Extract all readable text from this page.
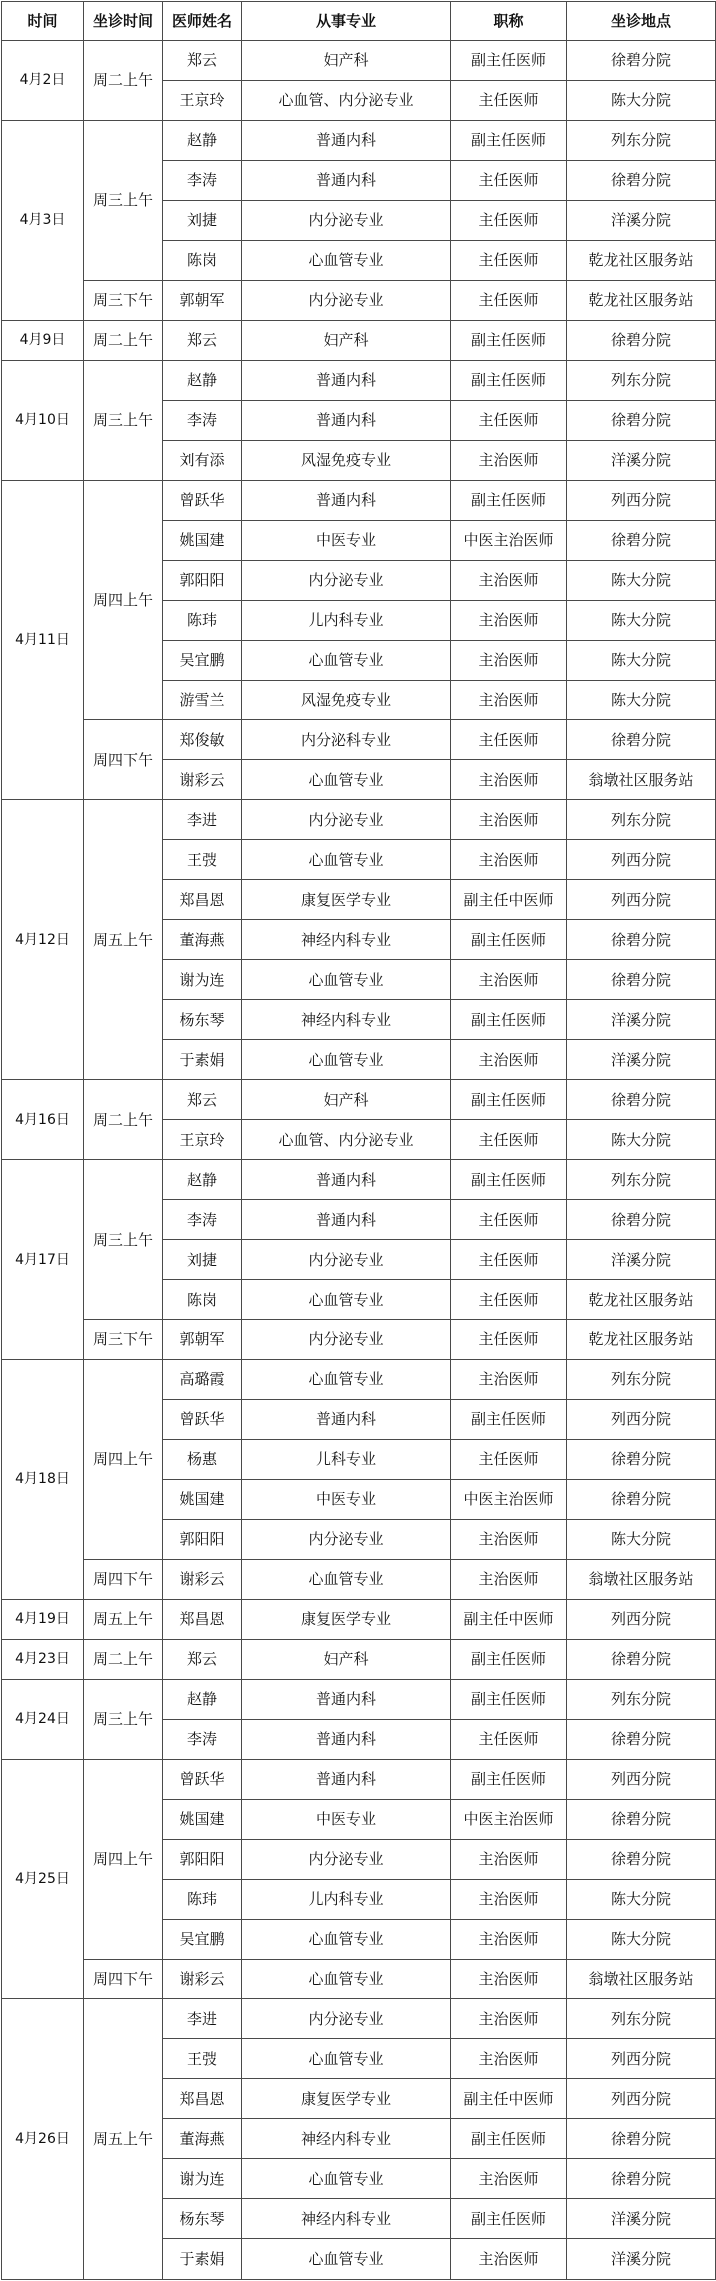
时间	坐诊时间	医师姓名	从事专业	职称	坐诊地点
4月2日	周二上午	郑云	妇产科	副主任医师	徐碧分院
		王京玲	心血管、内分泌专业	主任医师	陈大分院
4月3日	周三上午	赵静	普通内科	副主任医师	列东分院
		李涛	普通内科	主任医师	徐碧分院
		刘捷	内分泌专业	主任医师	洋溪分院
		陈岗	心血管专业	主任医师	乾龙社区服务站
	周三下午	郭朝军	内分泌专业	主任医师	乾龙社区服务站
4月9日	周二上午	郑云	妇产科	副主任医师	徐碧分院
4月10日	周三上午	赵静	普通内科	副主任医师	列东分院
		李涛	普通内科	主任医师	徐碧分院
		刘有添	风湿免疫专业	主治医师	洋溪分院
4月11日	周四上午	曾跃华	普通内科	副主任医师	列西分院
		姚国建	中医专业	中医主治医师	徐碧分院
		郭阳阳	内分泌专业	主治医师	陈大分院
		陈玮	儿内科专业	主治医师	陈大分院
		吴宜鹏	心血管专业	主治医师	陈大分院
		游雪兰	风湿免疫专业	主治医师	陈大分院
	周四下午	郑俊敏	内分泌科专业	主任医师	徐碧分院
		谢彩云	心血管专业	主治医师	翁墩社区服务站
4月12日	周五上午	李进	内分泌专业	主治医师	列东分院
		王弢	心血管专业	主治医师	列西分院
		郑昌恩	康复医学专业	副主任中医师	列西分院
		董海燕	神经内科专业	副主任医师	徐碧分院
		谢为连	心血管专业	主治医师	徐碧分院
		杨东琴	神经内科专业	副主任医师	洋溪分院
		于素娟	心血管专业	主治医师	洋溪分院
4月16日	周二上午	郑云	妇产科	副主任医师	徐碧分院
		王京玲	心血管、内分泌专业	主任医师	陈大分院
4月17日	周三上午	赵静	普通内科	副主任医师	列东分院
		李涛	普通内科	主任医师	徐碧分院
		刘捷	内分泌专业	主任医师	洋溪分院
		陈岗	心血管专业	主任医师	乾龙社区服务站
	周三下午	郭朝军	内分泌专业	主任医师	乾龙社区服务站
4月18日	周四上午	高璐霞	心血管专业	主治医师	列东分院
		曾跃华	普通内科	副主任医师	列西分院
		杨惠	儿科专业	主任医师	徐碧分院
		姚国建	中医专业	中医主治医师	徐碧分院
		郭阳阳	内分泌专业	主治医师	陈大分院
	周四下午	谢彩云	心血管专业	主治医师	翁墩社区服务站
4月19日	周五上午	郑昌恩	康复医学专业	副主任中医师	列西分院
4月23日	周二上午	郑云	妇产科	副主任医师	徐碧分院
4月24日	周三上午	赵静	普通内科	副主任医师	列东分院
		李涛	普通内科	主任医师	徐碧分院
4月25日	周四上午	曾跃华	普通内科	副主任医师	列西分院
		姚国建	中医专业	中医主治医师	徐碧分院
		郭阳阳	内分泌专业	主治医师	徐碧分院
		陈玮	儿内科专业	主治医师	陈大分院
		吴宜鹏	心血管专业	主治医师	陈大分院
	周四下午	谢彩云	心血管专业	主治医师	翁墩社区服务站
4月26日	周五上午	李进	内分泌专业	主治医师	列东分院
		王弢	心血管专业	主治医师	列西分院
		郑昌恩	康复医学专业	副主任中医师	列西分院
		董海燕	神经内科专业	副主任医师	徐碧分院
		谢为连	心血管专业	主治医师	徐碧分院
		杨东琴	神经内科专业	副主任医师	洋溪分院
		于素娟	心血管专业	主治医师	洋溪分院
